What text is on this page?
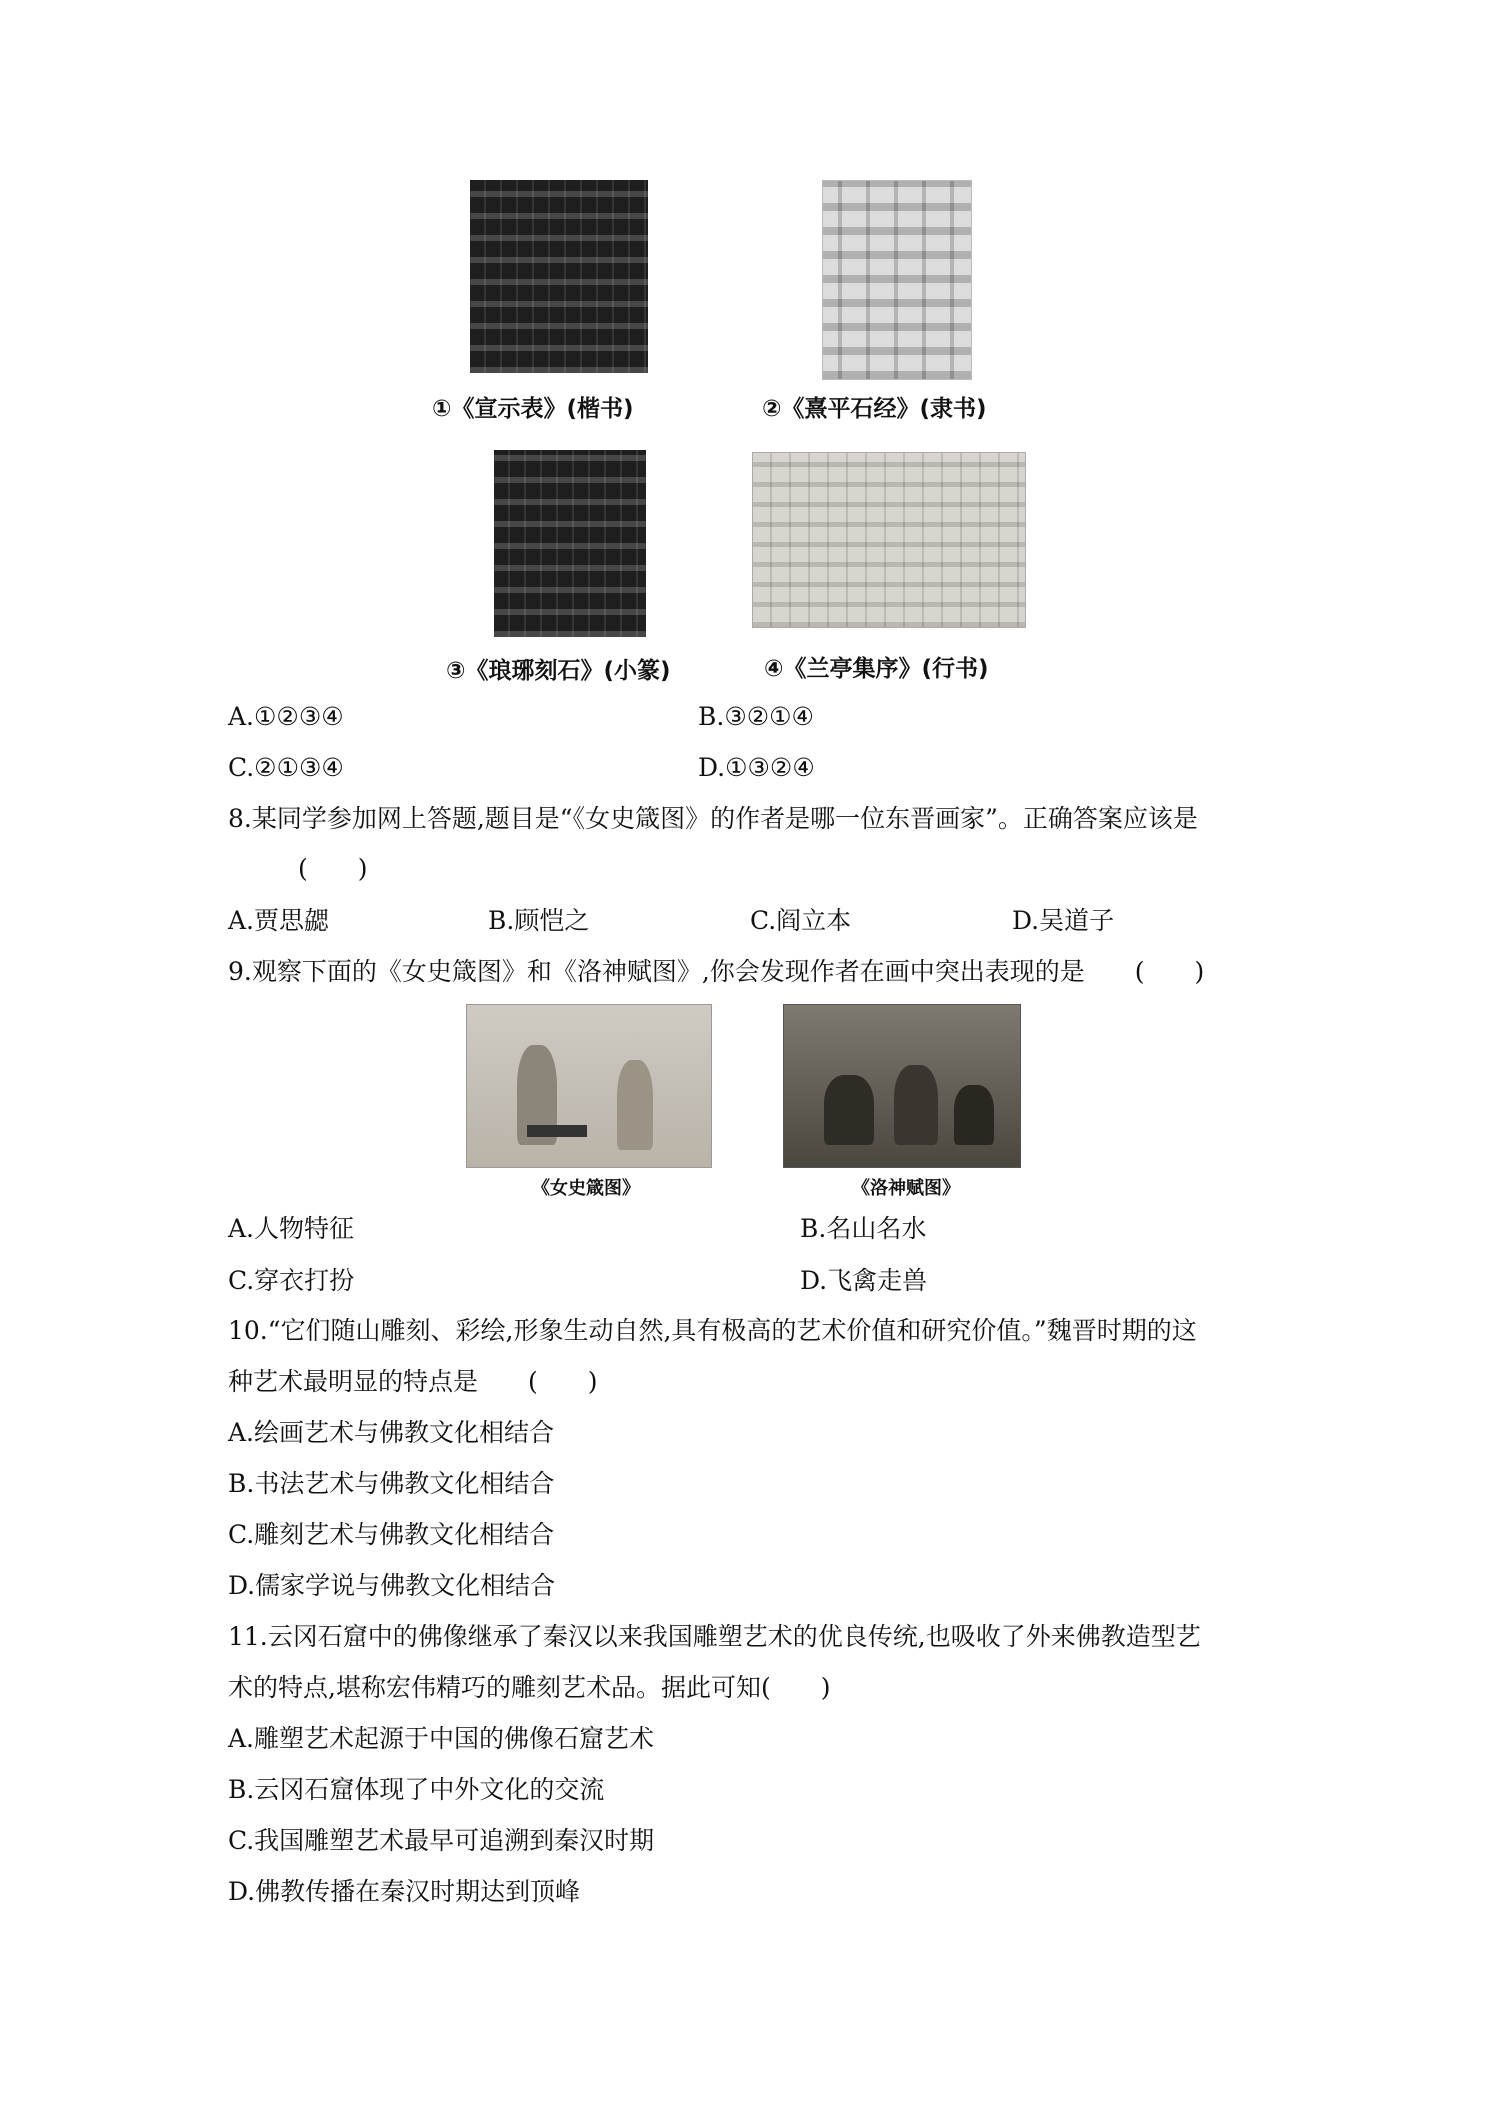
①《宣示表》(楷书)	②《熹平石经》(隶书)
③《琅琊刻石》(小篆)	④《兰亭集序》(行书)
A.①②③④	B.③②①④
C.②①③④	D.①③②④
8.某同学参加网上答题,题目是“《女史箴图》的作者是哪一位东晋画家”。正确答案应该是
(　　)
A.贾思勰	B.顾恺之	C.阎立本	D.吴道子
9.观察下面的《女史箴图》和《洛神赋图》,你会发现作者在画中突出表现的是　　(　　)
《女史箴图》	《洛神赋图》
A.人物特征	B.名山名水
C.穿衣打扮	D.飞禽走兽
10.“它们随山雕刻、彩绘,形象生动自然,具有极高的艺术价值和研究价值。”魏晋时期的这
种艺术最明显的特点是　　(　　)
A.绘画艺术与佛教文化相结合
B.书法艺术与佛教文化相结合
C.雕刻艺术与佛教文化相结合
D.儒家学说与佛教文化相结合
11.云冈石窟中的佛像继承了秦汉以来我国雕塑艺术的优良传统,也吸收了外来佛教造型艺
术的特点,堪称宏伟精巧的雕刻艺术品。据此可知(　　)
A.雕塑艺术起源于中国的佛像石窟艺术
B.云冈石窟体现了中外文化的交流
C.我国雕塑艺术最早可追溯到秦汉时期
D.佛教传播在秦汉时期达到顶峰
